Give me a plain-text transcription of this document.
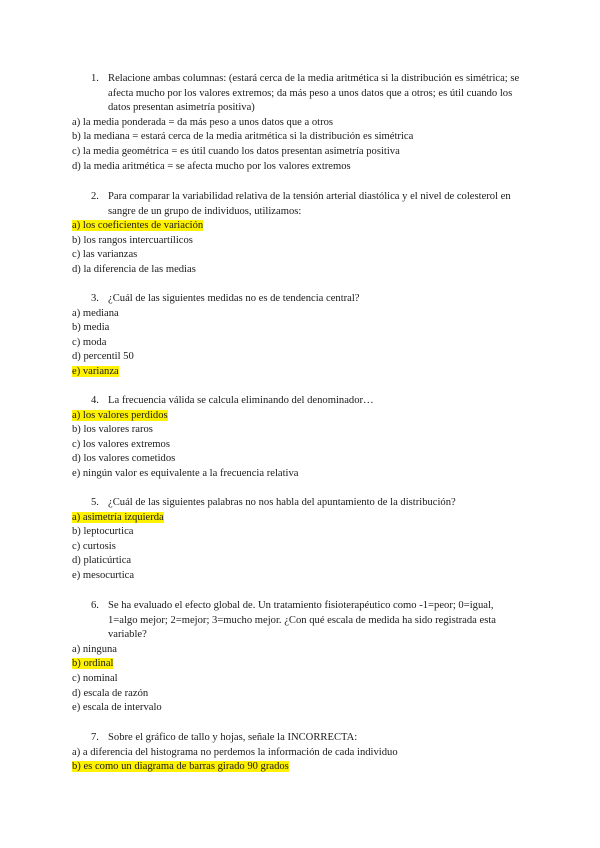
1. Relacione ambas columnas: (estará cerca de la media aritmética si la distribución es simétrica; se afecta mucho por los valores extremos; da más peso a unos datos que a otros; es útil cuando los datos presentan asimetría positiva)
a) la media ponderada = da más peso a unos datos que a otros
b) la mediana = estará cerca de la media aritmética si la distribución es simétrica
c) la media geométrica = es útil cuando los datos presentan asimetría positiva
d) la media aritmética = se afecta mucho por los valores extremos
2. Para comparar la variabilidad relativa de la tensión arterial diastólica y el nivel de colesterol en sangre de un grupo de individuos, utilizamos:
a) los coeficientes de variación
b) los rangos intercuartílicos
c) las varianzas
d) la diferencia de las medias
3. ¿Cuál de las siguientes medidas no es de tendencia central?
a) mediana
b) media
c) moda
d) percentil 50
e) varianza
4. La frecuencia válida se calcula eliminando del denominador…
a) los valores perdidos
b) los valores raros
c) los valores extremos
d) los valores cometidos
e) ningún valor es equivalente a la frecuencia relativa
5. ¿Cuál de las siguientes palabras no nos habla del apuntamiento de la distribución?
a) asimetría izquierda
b) leptocurtica
c) curtosis
d) platicúrtica
e) mesocurtica
6. Se ha evaluado el efecto global de. Un tratamiento fisioterapéutico como -1=peor; 0=igual, 1=algo mejor; 2=mejor; 3=mucho mejor. ¿Con qué escala de medida ha sido registrada esta variable?
a) ninguna
b) ordinal
c) nominal
d) escala de razón
e) escala de intervalo
7. Sobre el gráfico de tallo y hojas, señale la INCORRECTA:
a) a diferencia del histograma no perdemos la información de cada individuo
b) es como un diagrama de barras girado 90 grados
